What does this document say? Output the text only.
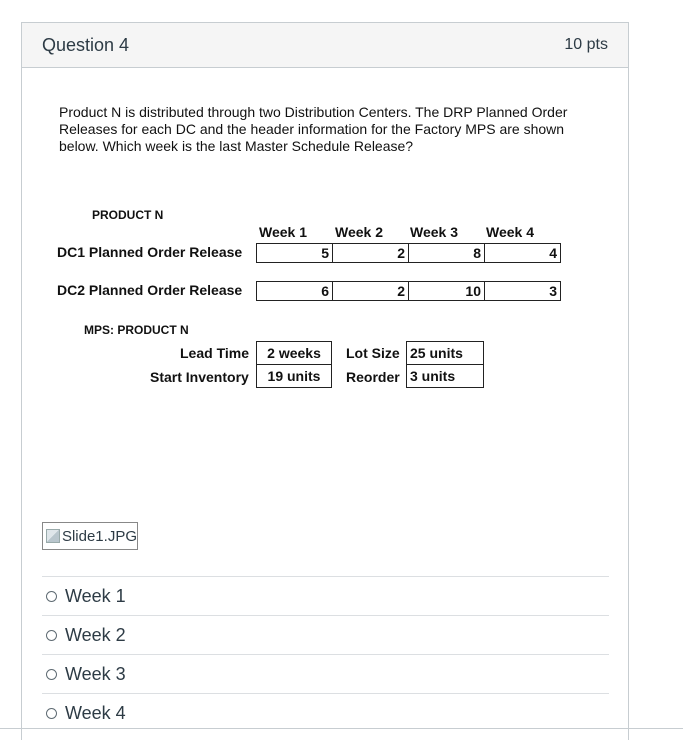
Question 4	10 pts
Product N is distributed through two Distribution Centers. The DRP Planned Order Releases for each DC and the header information for the Factory MPS are shown below. Which week is the last Master Schedule Release?
PRODUCT N
Week 1 Week 2 Week 3 Week 4
DC1 Planned Order Release	5	2	8	4
DC2 Planned Order Release	6	2	10	3
MPS: PRODUCT N
Lead Time	2 weeks	Lot Size 25 units
Start Inventory	19 units	Reorder 3 units
Slide1.JPG
Week 1
Week 2
Week 3
Week 4
